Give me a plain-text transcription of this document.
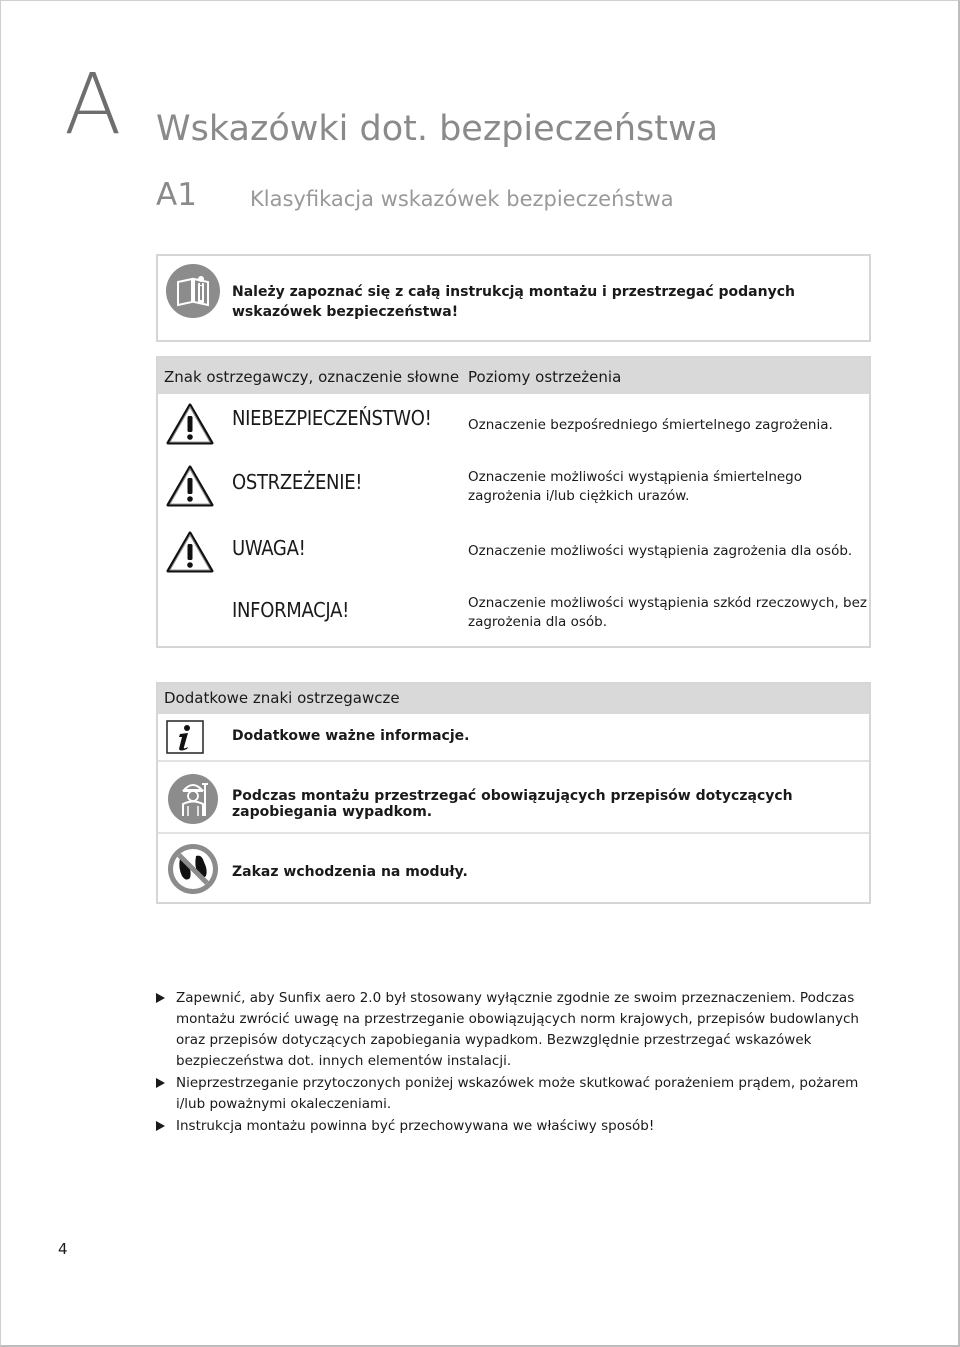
A Wskazówki dot. bezpieczeństwa
A1	Klasyfikacja wskazówek bezpieczeństwa
Należy zapoznać się z całą instrukcją montażu i przestrzegać podanych wskazówek bezpieczeństwa!
Znak ostrzegawczy, oznaczenie słowne Poziomy ostrzeżenia
NIEBEZPIECZEŃSTWO!	Oznaczenie bezpośredniego śmiertelnego zagrożenia.
OSTRZEŻENIE!	Oznaczenie możliwości wystąpienia śmiertelnego zagrożenia i/lub ciężkich urazów.
UWAGA!	Oznaczenie możliwości wystąpienia zagrożenia dla osób.
INFORMACJA!	Oznaczenie możliwości wystąpienia szkód rzeczowych, bez zagrożenia dla osób.
Dodatkowe znaki ostrzegawcze
Dodatkowe ważne informacje.
Podczas montażu przestrzegać obowiązujących przepisów dotyczących zapobiegania wypadkom.
Zakaz wchodzenia na moduły.
Zapewnić, aby Sunfix aero 2.0 był stosowany wyłącznie zgodnie ze swoim przeznaczeniem. Podczas montażu zwrócić uwagę na przestrzeganie obowiązujących norm krajowych, przepisów budowlanych oraz przepisów dotyczących zapobiegania wypadkom. Bezwzględnie przestrzegać wskazówek bezpieczeństwa dot. innych elementów instalacji.
Nieprzestrzeganie przytoczonych poniżej wskazówek może skutkować porażeniem prądem, pożarem i/lub poważnymi okaleczeniami.
Instrukcja montażu powinna być przechowywana we właściwy sposób!
4
